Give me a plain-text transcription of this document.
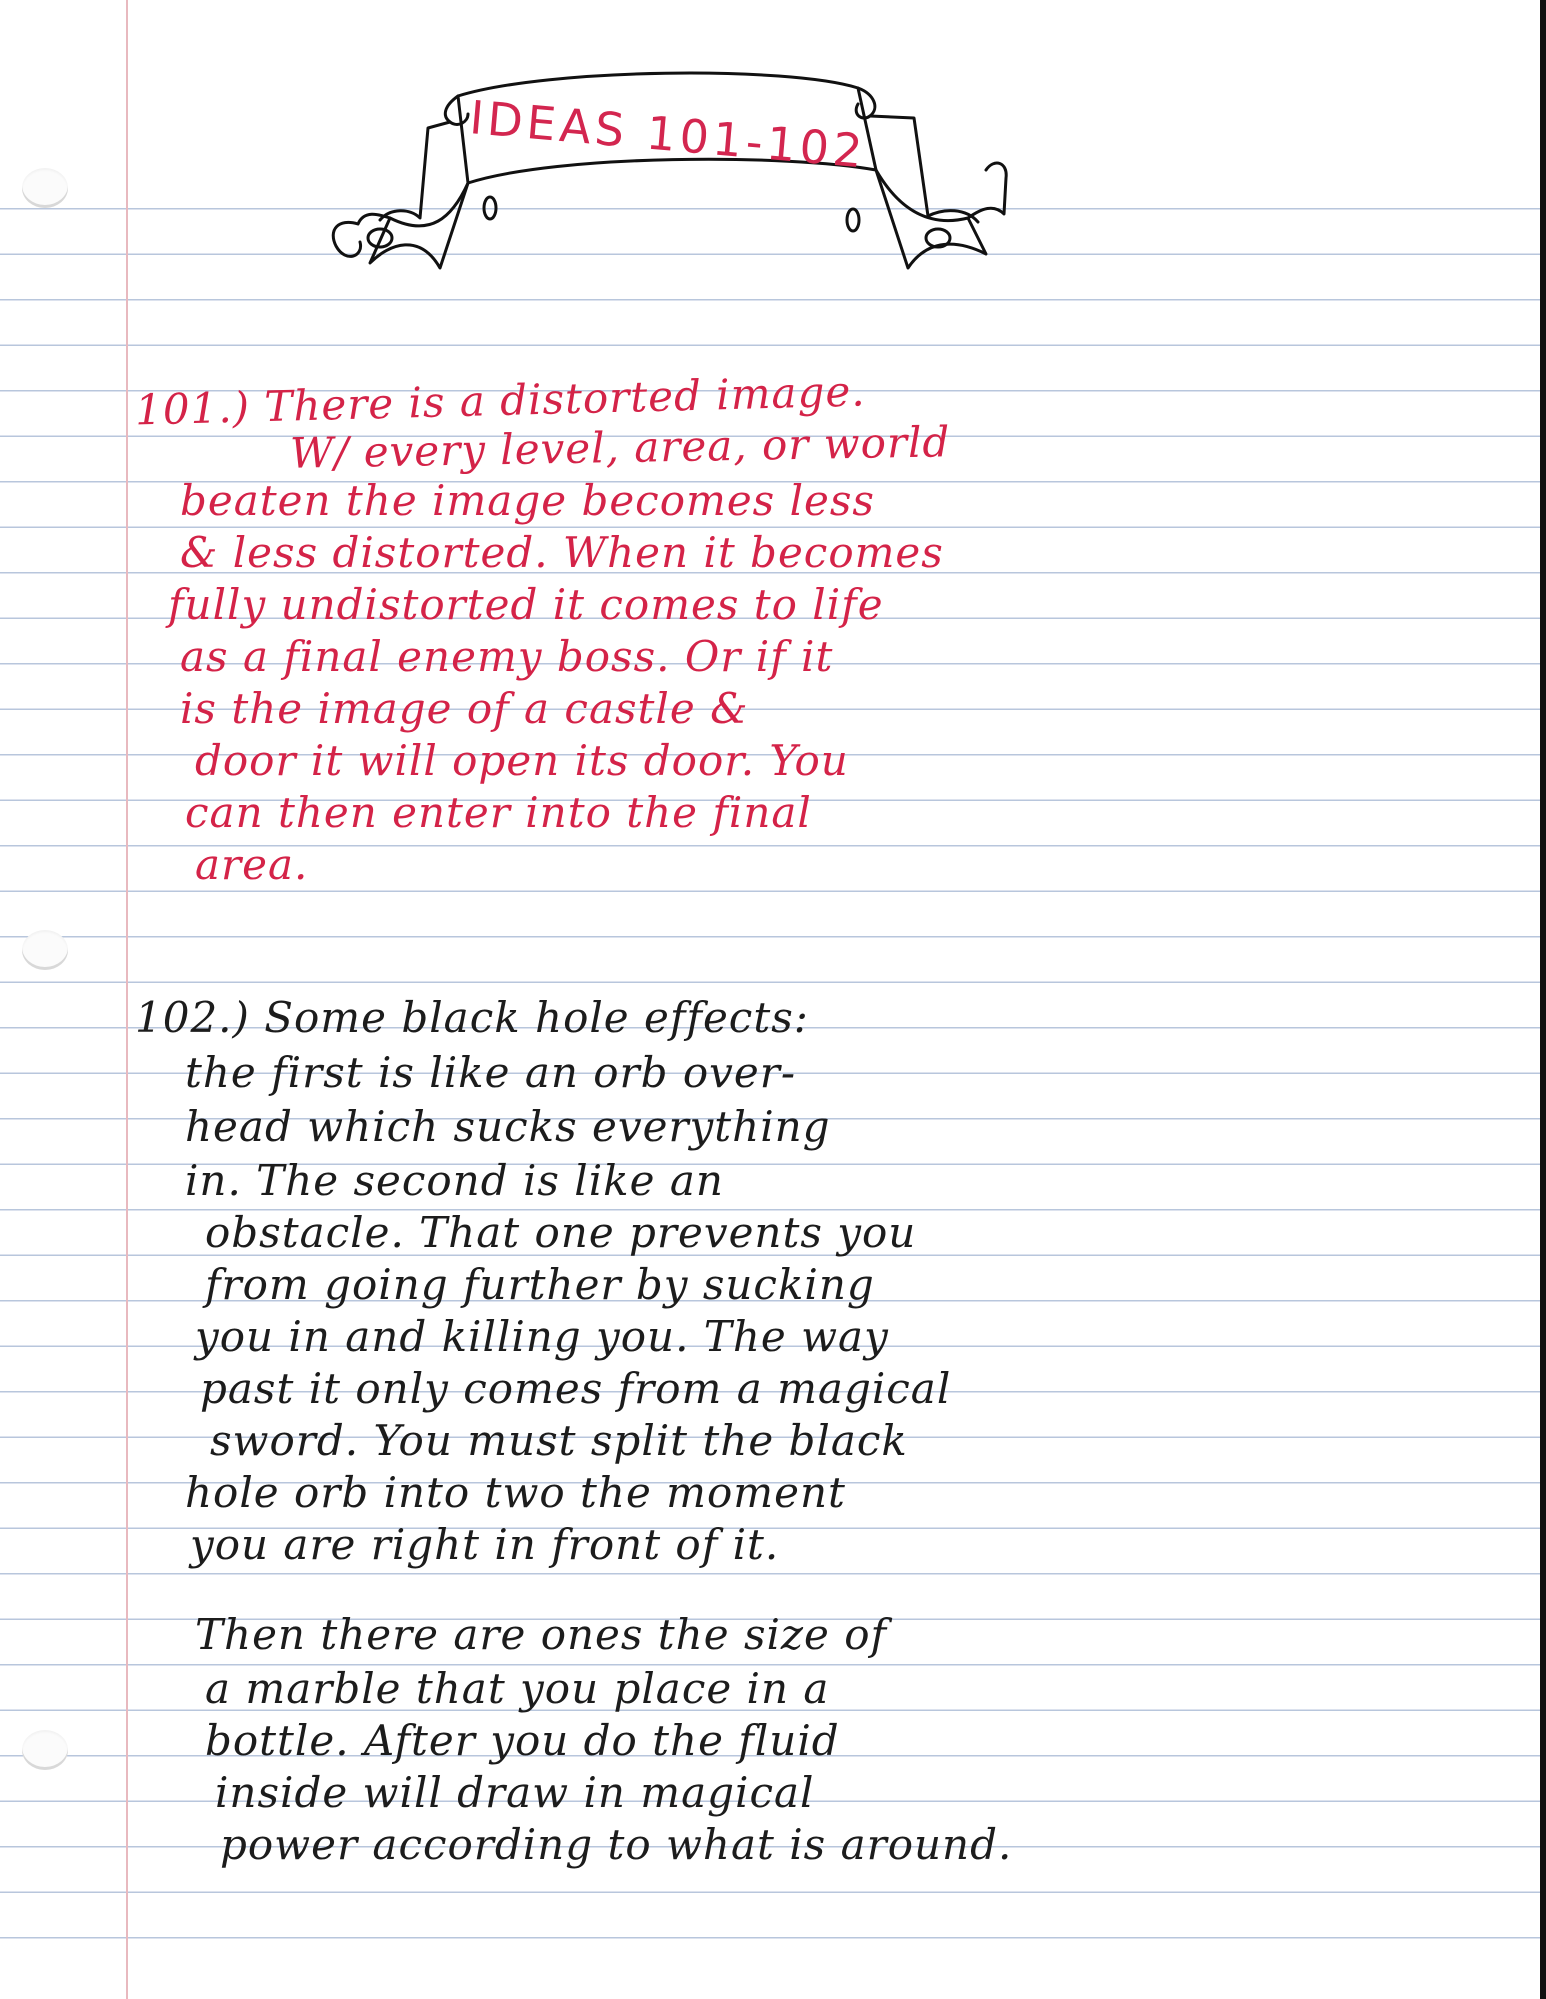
IDEAS 101-102
101.) There is a distorted image.
W/ every level, area, or world
beaten the image becomes less
& less distorted. When it becomes
fully undistorted it comes to life
as a final enemy boss. Or if it
is the image of a castle &
door it will open its door. You
can then enter into the final
area.
102.) Some black hole effects:
the first is like an orb over-
head which sucks everything
in. The second is like an
obstacle. That one prevents you
from going further by sucking
you in and killing you. The way
past it only comes from a magical
sword. You must split the black
hole orb into two the moment
you are right in front of it.
Then there are ones the size of
a marble that you place in a
bottle. After you do the fluid
inside will draw in magical
power according to what is around.
